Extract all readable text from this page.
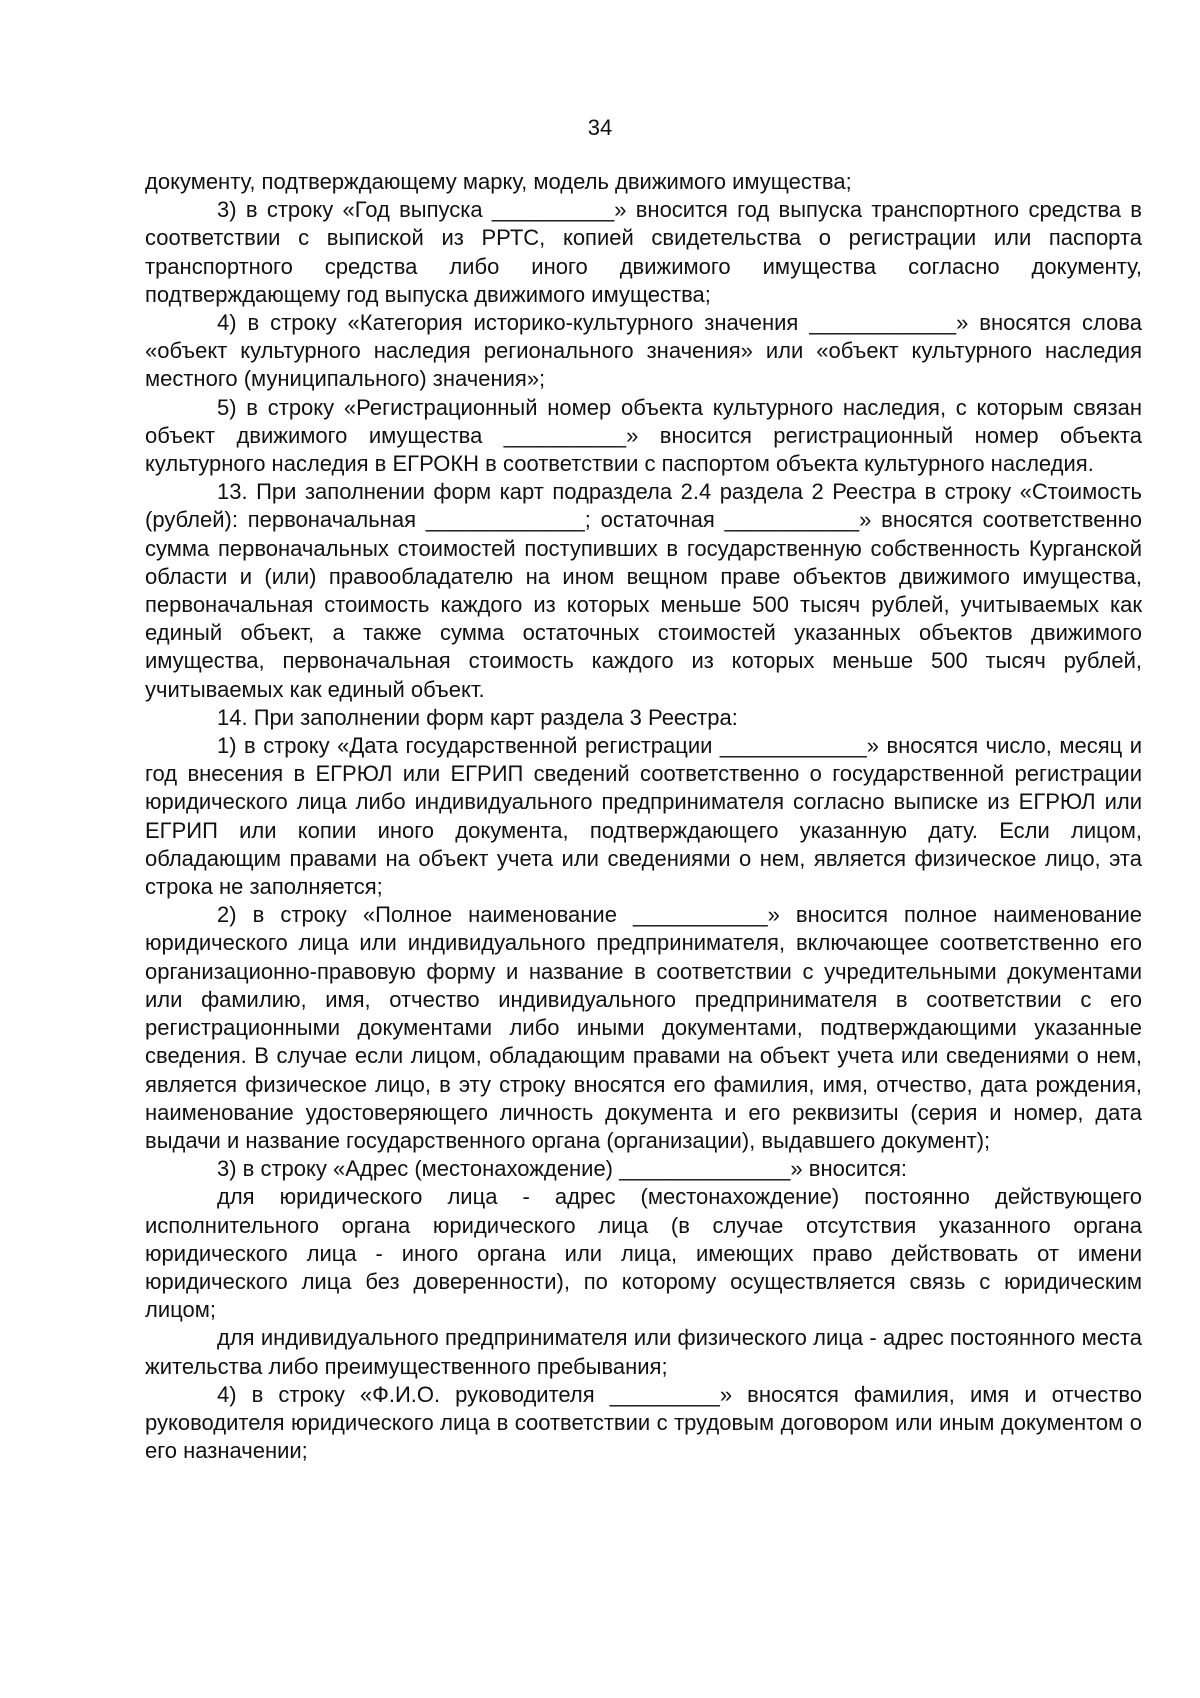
34

документу, подтверждающему марку, модель движимого имущества;

3) в строку «Год выпуска __________» вносится год выпуска транспортного средства в соответствии с выпиской из РРТС, копией свидетельства о регистрации или паспорта транспортного средства либо иного движимого имущества согласно документу, подтверждающему год выпуска движимого имущества;

4) в строку «Категория историко-культурного значения ____________» вносятся слова «объект культурного наследия регионального значения» или «объект культурного наследия местного (муниципального) значения»;

5) в строку «Регистрационный номер объекта культурного наследия, с которым связан объект движимого имущества __________» вносится регистрационный номер объекта культурного наследия в ЕГРОКН в соответствии с паспортом объекта культурного наследия.

13. При заполнении форм карт подраздела 2.4 раздела 2 Реестра в строку «Стоимость (рублей): первоначальная _____________; остаточная ___________» вносятся соответственно сумма первоначальных стоимостей поступивших в государственную собственность Курганской области и (или) правообладателю на ином вещном праве объектов движимого имущества, первоначальная стоимость каждого из которых меньше 500 тысяч рублей, учитываемых как единый объект, а также сумма остаточных стоимостей указанных объектов движимого имущества, первоначальная стоимость каждого из которых меньше 500 тысяч рублей, учитываемых как единый объект.

14. При заполнении форм карт раздела 3 Реестра:

1) в строку «Дата государственной регистрации ____________» вносятся число, месяц и год внесения в ЕГРЮЛ или ЕГРИП сведений соответственно о государственной регистрации юридического лица либо индивидуального предпринимателя согласно выписке из ЕГРЮЛ или ЕГРИП или копии иного документа, подтверждающего указанную дату. Если лицом, обладающим правами на объект учета или сведениями о нем, является физическое лицо, эта строка не заполняется;

2) в строку «Полное наименование ___________» вносится полное наименование юридического лица или индивидуального предпринимателя, включающее соответственно его организационно-правовую форму и название в соответствии с учредительными документами или фамилию, имя, отчество индивидуального предпринимателя в соответствии с его регистрационными документами либо иными документами, подтверждающими указанные сведения. В случае если лицом, обладающим правами на объект учета или сведениями о нем, является физическое лицо, в эту строку вносятся его фамилия, имя, отчество, дата рождения, наименование удостоверяющего личность документа и его реквизиты (серия и номер, дата выдачи и название государственного органа (организации), выдавшего документ);

3) в строку «Адрес (местонахождение) ______________» вносится:

для юридического лица - адрес (местонахождение) постоянно действующего исполнительного органа юридического лица (в случае отсутствия указанного органа юридического лица - иного органа или лица, имеющих право действовать от имени юридического лица без доверенности), по которому осуществляется связь с юридическим лицом;

для индивидуального предпринимателя или физического лица - адрес постоянного места жительства либо преимущественного пребывания;

4) в строку «Ф.И.О. руководителя _________» вносятся фамилия, имя и отчество руководителя юридического лица в соответствии с трудовым договором или иным документом о его назначении;
